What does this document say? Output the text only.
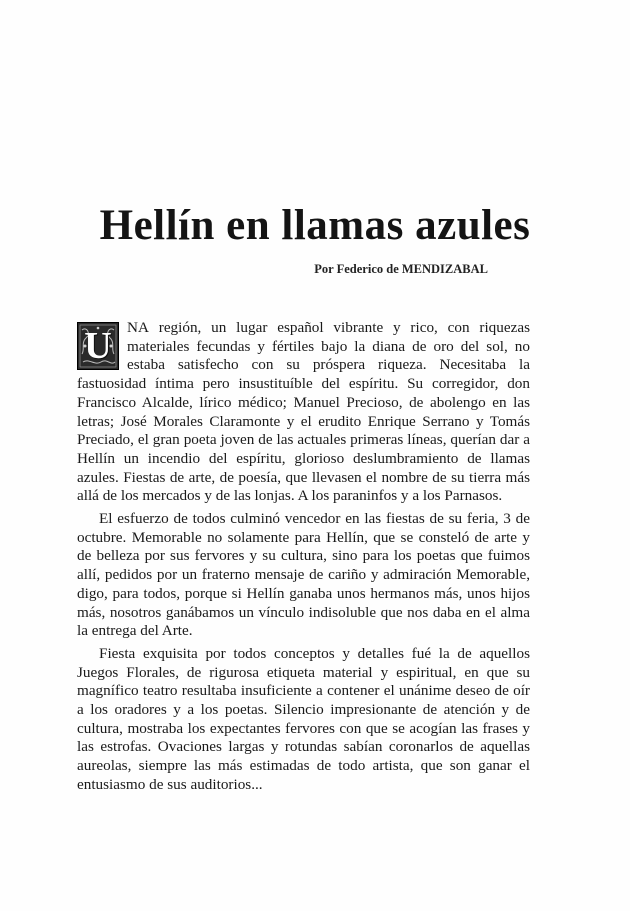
Hellín en llamas azules

Por Federico de MENDIZABAL

U	NA región, un lugar español vibrante y rico, con riquezas materiales fecundas y fértiles bajo la diana de oro del sol, no estaba satisfecho con su próspera riqueza. Necesitaba la fastuosidad íntima pero insustituíble del espíritu. Su corregidor, don Francisco Alcalde, lírico médico; Manuel Precioso, de abolengo en las letras; José Morales Claramonte y el erudito Enrique Serrano y Tomás Preciado, el gran poeta joven de las actuales primeras líneas, querían dar a Hellín un incendio del espíritu, glorioso deslumbramiento de llamas azules. Fiestas de arte, de poesía, que llevasen el nombre de su tierra más allá de los mercados y de las lonjas. A los paraninfos y a los Parnasos.

El esfuerzo de todos culminó vencedor en las fiestas de su feria, 3 de octubre. Memorable no solamente para Hellín, que se consteló de arte y de belleza por sus fervores y su cultura, sino para los poetas que fuimos allí, pedidos por un fraterno mensaje de cariño y admiración Memorable, digo, para todos, porque si Hellín ganaba unos hermanos más, unos hijos más, nosotros ganábamos un vínculo indisoluble que nos daba en el alma la entrega del Arte.

Fiesta exquisita por todos conceptos y detalles fué la de aquellos Juegos Florales, de rigurosa etiqueta material y espiritual, en que su magnífico teatro resultaba insuficiente a contener el unánime deseo de oír a los oradores y a los poetas. Silencio impresionante de atención y de cultura, mostraba los expectantes fervores con que se acogían las frases y las estrofas. Ovaciones largas y rotundas sabían coronarlos de aquellas aureolas, siempre las más estimadas de todo artista, que son ganar el entusiasmo de sus auditorios...
